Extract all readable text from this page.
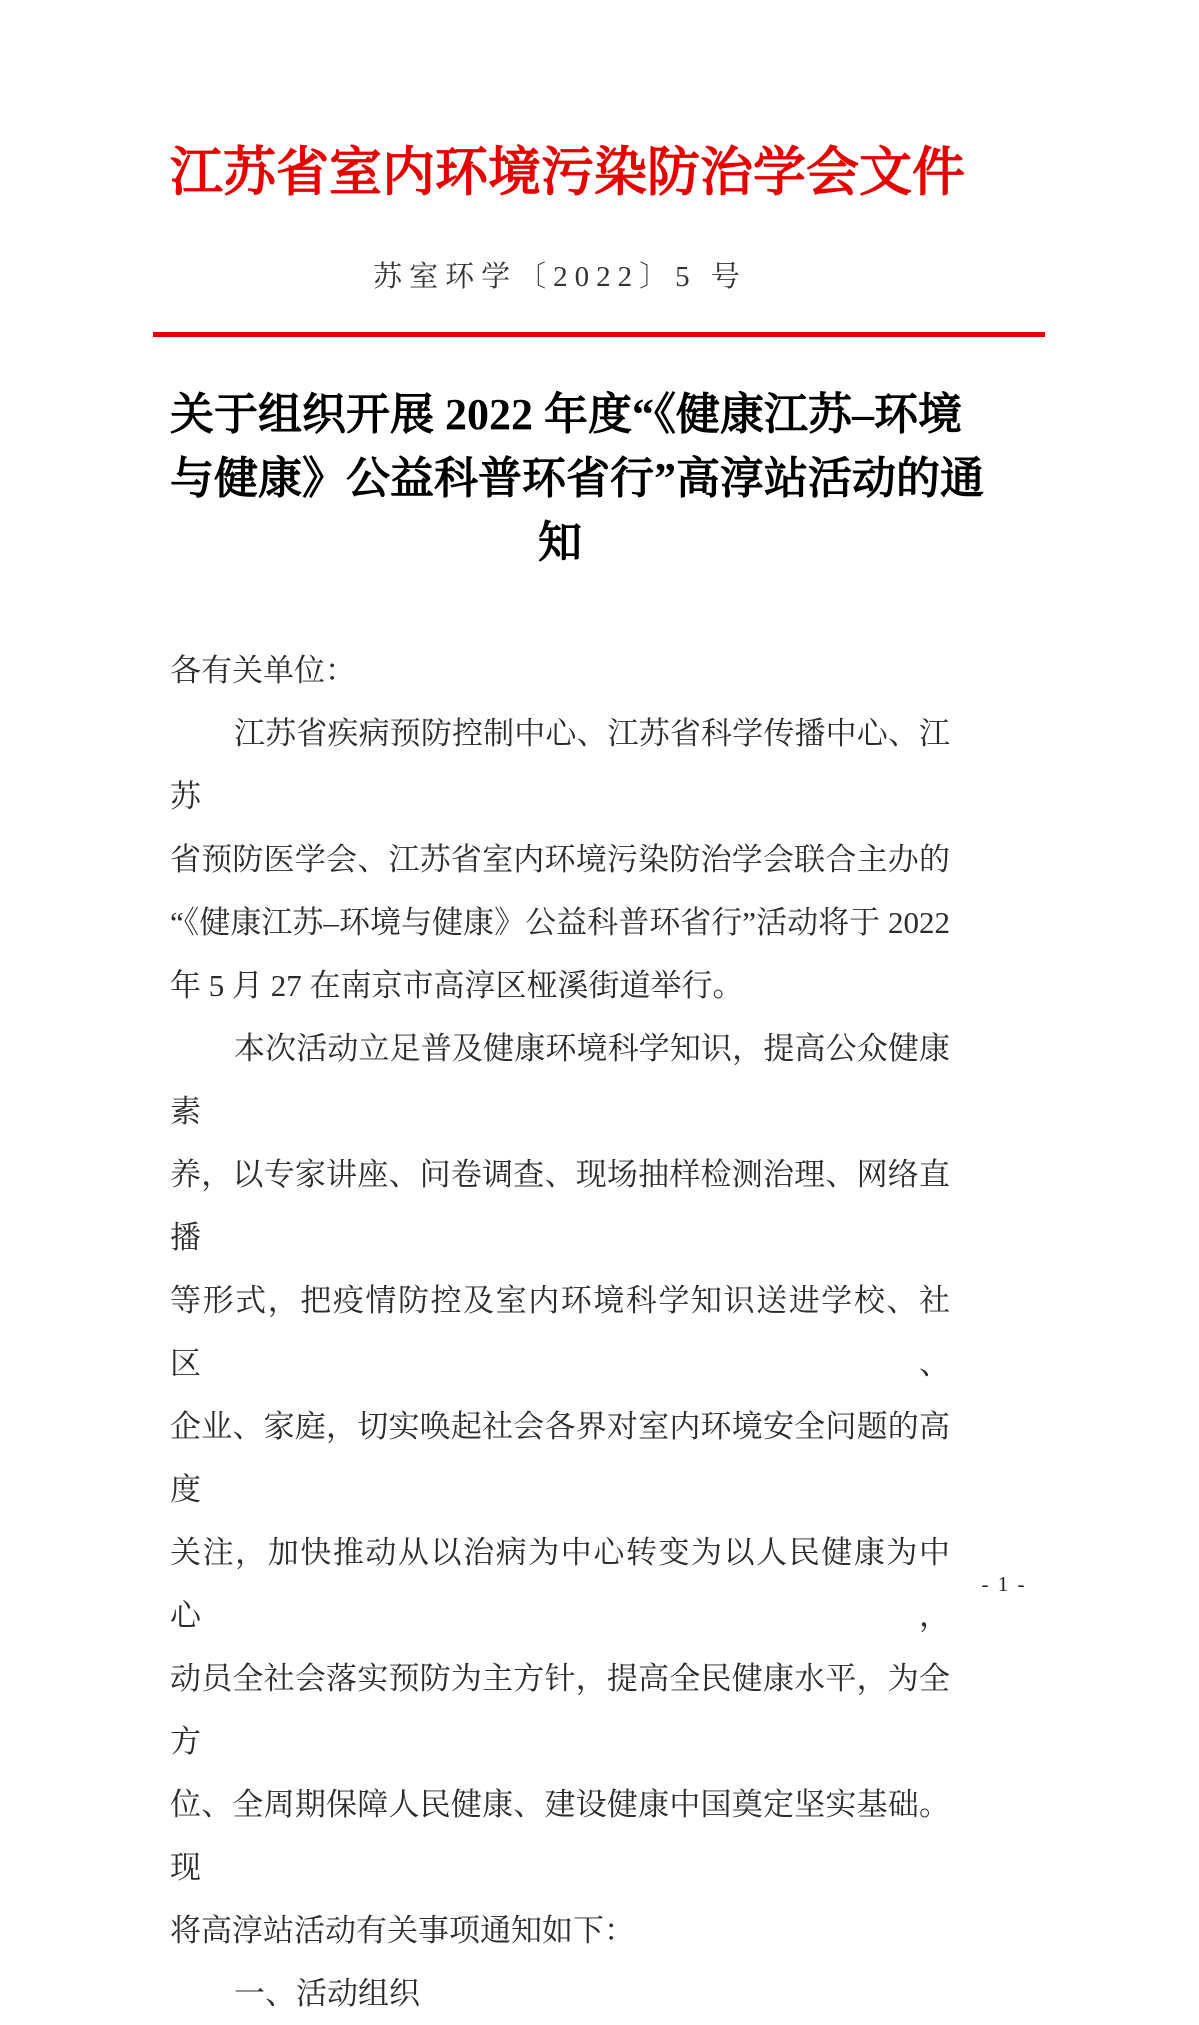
江苏省室内环境污染防治学会文件
苏室环学〔2022〕5 号
关于组织开展 2022 年度“《健康江苏–环境
与健康》公益科普环省行”高淳站活动的通
知
各有关单位：
江苏省疾病预防控制中心、江苏省科学传播中心、江苏
省预防医学会、江苏省室内环境污染防治学会联合主办的
“《健康江苏–环境与健康》公益科普环省行”活动将于 2022
年 5 月 27 在南京市高淳区桠溪街道举行。
本次活动立足普及健康环境科学知识，提高公众健康素
养，以专家讲座、问卷调查、现场抽样检测治理、网络直播
等形式，把疫情防控及室内环境科学知识送进学校、社区、
企业、家庭，切实唤起社会各界对室内环境安全问题的高度
关注，加快推动从以治病为中心转变为以人民健康为中心，
动员全社会落实预防为主方针，提高全民健康水平，为全方
位、全周期保障人民健康、建设健康中国奠定坚实基础。现
将高淳站活动有关事项通知如下：
一、活动组织
- 1 -
